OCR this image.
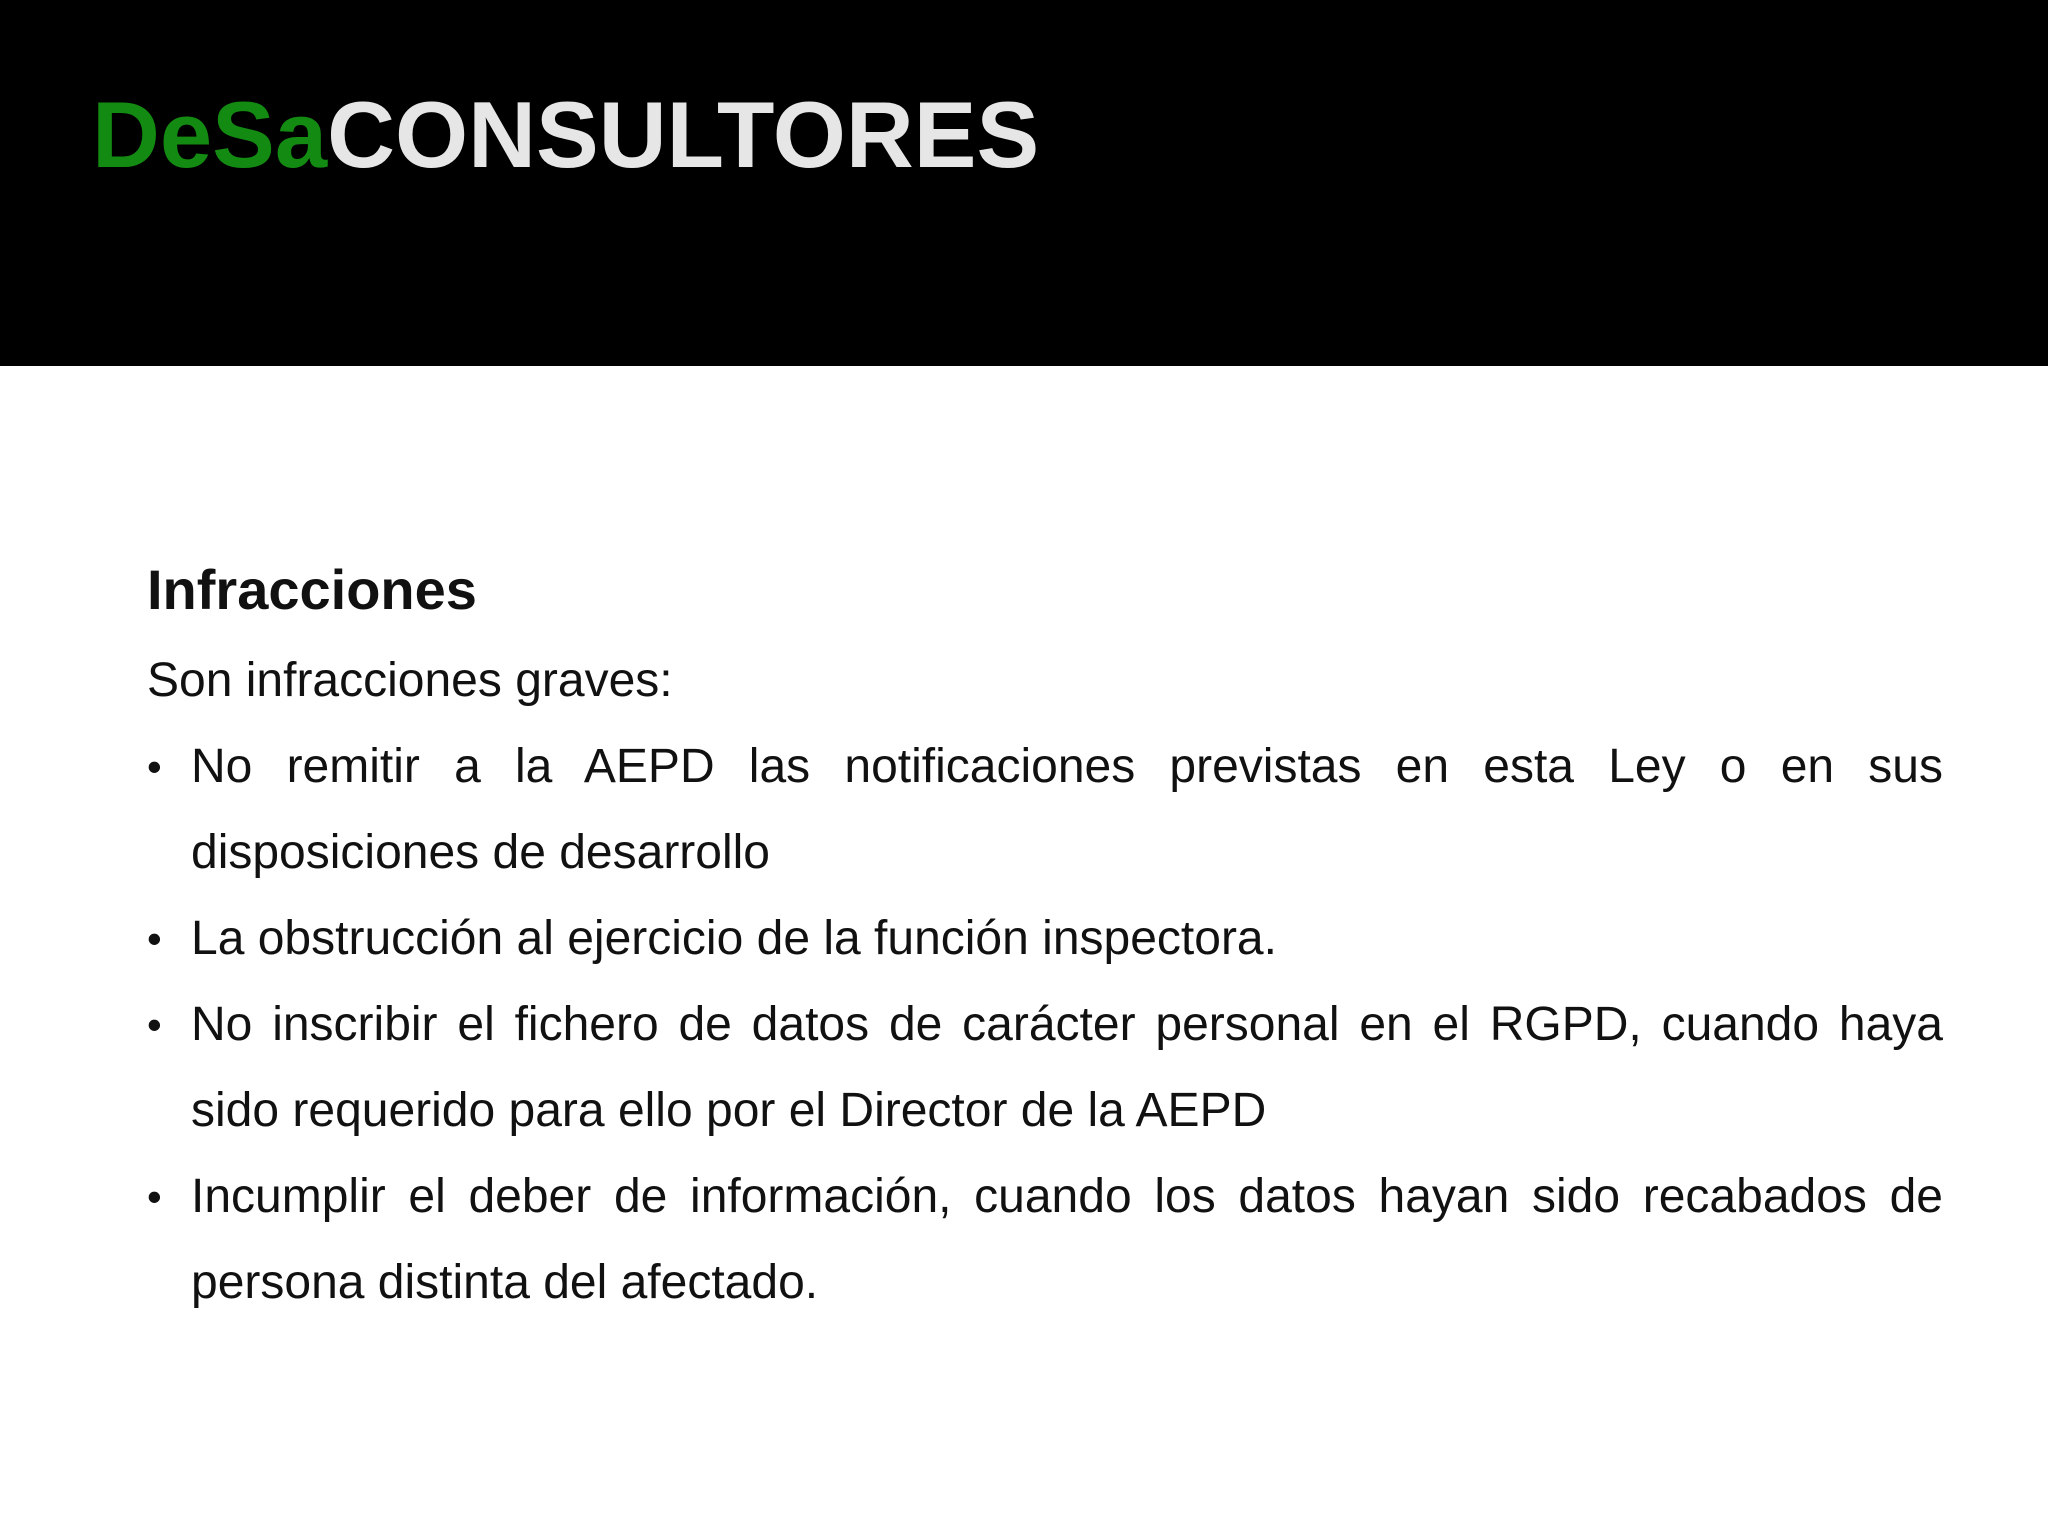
DeSaCONSULTORES
Infracciones

Son infracciones graves:

• No remitir a la AEPD las notificaciones previstas en esta Ley o en sus disposiciones de desarrollo
• La obstrucción al ejercicio de la función inspectora.
• No inscribir el fichero de datos de carácter personal en el RGPD, cuando haya sido requerido para ello por el Director de la AEPD
• Incumplir el deber de información, cuando los datos hayan sido recabados de persona distinta del afectado.
